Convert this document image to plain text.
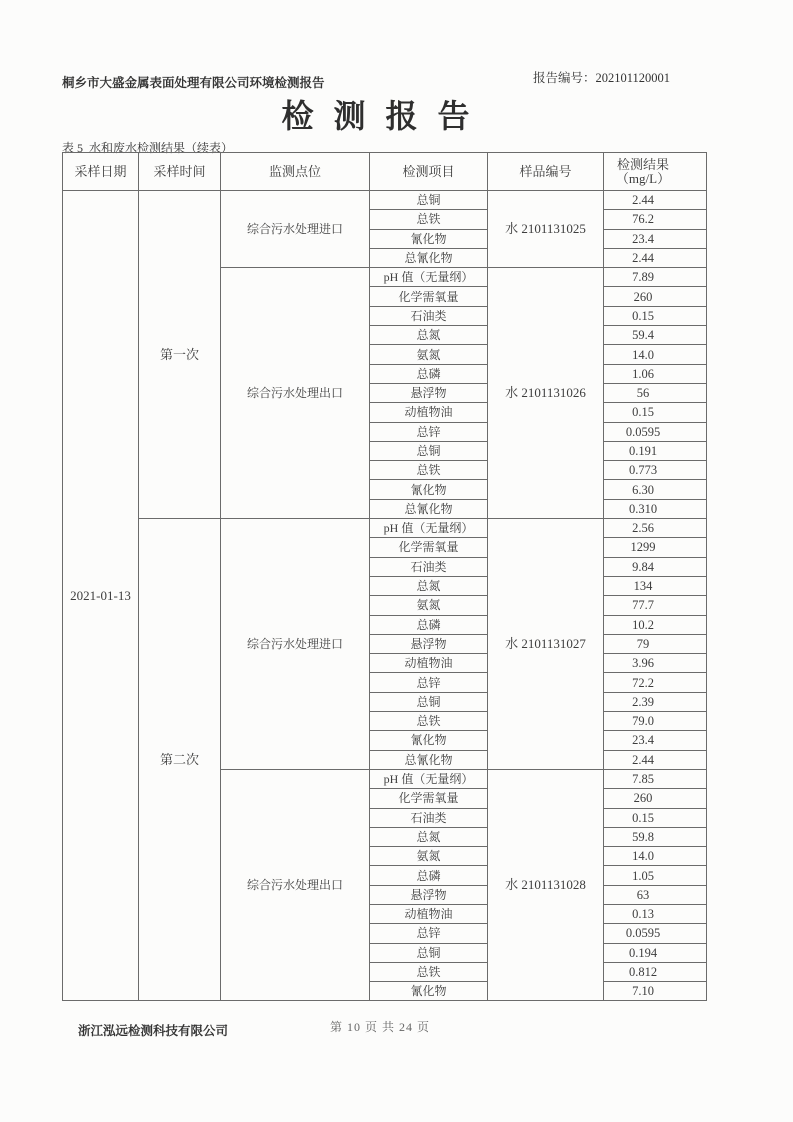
桐乡市大盛金属表面处理有限公司环境检测报告	报告编号：202101120001
检 测 报 告
表 5  水和废水检测结果（续表）
采样日期	采样时间	监测点位	检测项目	样品编号	检测结果
（mg/L）

2021-01-13	第一次	综合污水处理进口	总铜	水 2101131025	2.44
			总铁		76.2
			氰化物		23.4
			总氰化物		2.44
		综合污水处理出口	pH 值（无量纲）	水 2101131026	7.89
			化学需氧量		260
			石油类		0.15
			总氮		59.4
			氨氮		14.0
			总磷		1.06
			悬浮物		56
			动植物油		0.15
			总锌		0.0595
			总铜		0.191
			总铁		0.773
			氰化物		6.30
			总氰化物		0.310
	第二次	综合污水处理进口	pH 值（无量纲）	水 2101131027	2.56
			化学需氧量		1299
			石油类		9.84
			总氮		134
			氨氮		77.7
			总磷		10.2
			悬浮物		79
			动植物油		3.96
			总锌		72.2
			总铜		2.39
			总铁		79.0
			氰化物		23.4
			总氰化物		2.44
		综合污水处理出口	pH 值（无量纲）	水 2101131028	7.85
			化学需氧量		260
			石油类		0.15
			总氮		59.8
			氨氮		14.0
			总磷		1.05
			悬浮物		63
			动植物油		0.13
			总锌		0.0595
			总铜		0.194
			总铁		0.812
			氰化物		7.10
浙江泓远检测科技有限公司	第 10 页 共 24 页
